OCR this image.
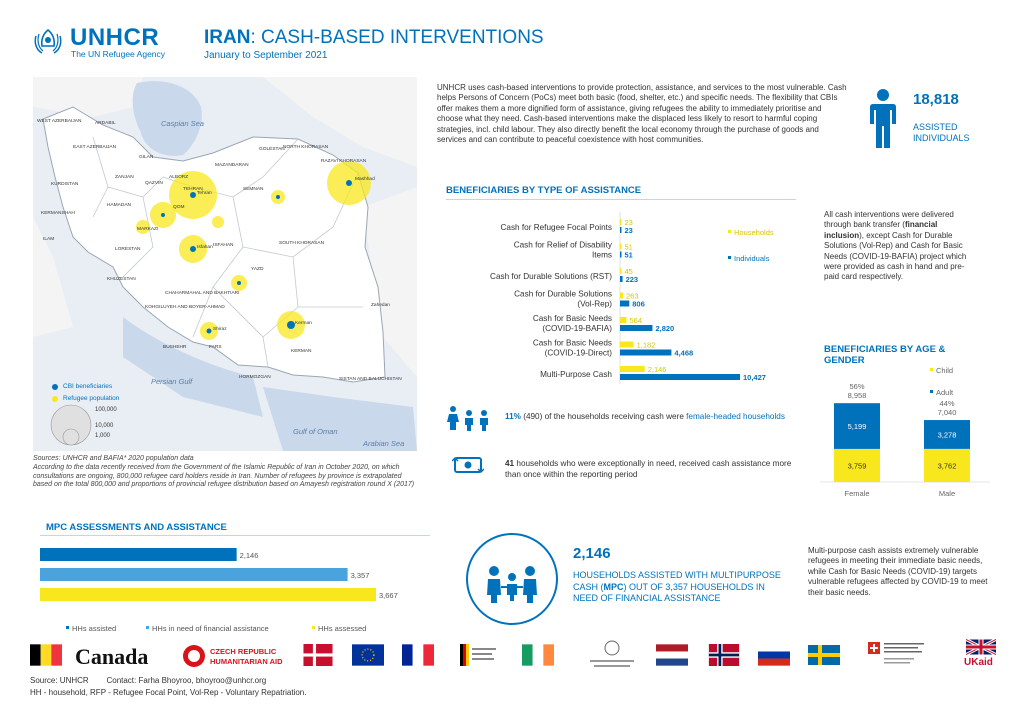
UNHCR
The UN Refugee Agency
IRAN: CASH-BASED INTERVENTIONS
January to September 2021
Caspian Sea
Persian Gulf
Gulf of Oman
Arabian Sea
WEST AZERBAIJAN	ARDABIL
EAST AZERBAIJAN
ZANJAN
KURDISTAN
GILAN
MAZANDARAN
GOLESTAN
NORTH KHORASAN
RAZAVI KHORASAN
QAZVIN
ALBORZ
TEHRAN
QOM
SEMNAN
KERMANSHAH
HAMADAN
MARKAZI
ISFAHAN
YAZD
SOUTH KHORASAN
ILAM
LORESTAN
KHUZESTAN
CHAHARMAHAL AND BAKHTIARI
KOHGILUYEH AND BOYER-AHMAD
FARS
BUSHEHR
KERMAN
HORMOZGAN	SISTAN AND BALUCHISTAN
Mashhad
Tehran
Isfahan
Shiraz
Kerman
Zahedan
CBI beneficiaries
Refugee population
100,000
10,000
1,000
Sources: UNHCR and BAFIA* 2020 population data
According to the data recently received from the Government of the Islamic Republic of Iran in October 2020, on which consultations are ongoing, 800,000 refugee card holders reside in Iran. Number of refugees by province is extrapolated based on the total 800,000 and proportions of provincial refugee distribution based on Amayesh registration round X (2017)
UNHCR uses cash-based interventions to provide protection, assistance, and services to the most vulnerable. Cash helps Persons of Concern (PoCs) meet both basic (food, shelter, etc.) and specific needs. The flexibility that CBIs offer makes them a more dignified form of assistance, giving refugees the ability to immediately prioritise and choose what they need. Cash-based interventions make the displaced less likely to resort to harmful coping strategies, incl. child labour. They also directly benefit the local economy through the purchase of goods and services and can contribute to peaceful coexistence with host communities.
18,818
ASSISTED
INDIVIDUALS
BENEFICIARIES BY TYPE OF ASSISTANCE
Cash for Refugee Focal Points
23
23
Cash for Relief of Disability
Items
51
51
Cash for Durable Solutions (RST)
45
223
Cash for Durable Solutions
(Vol-Rep)
263
806
Cash for Basic Needs
(COVID-19-BAFIA)
564
2,820
Cash for Basic Needs
(COVID-19-Direct)
1,182
4,468
Multi-Purpose Cash
2,146
10,427
Households
Individuals
All cash interventions were delivered through bank transfer (financial inclusion), except Cash for Durable Solutions (Vol-Rep) and Cash for Basic Needs (COVID-19-BAFIA) project which were provided as cash in hand and pre-paid card respectively.
BENEFICIARIES BY AGE & GENDER
Child
Adult
3,759
5,199
56%
8,958
Female
3,762
3,278
44%
7,040
Male
11% (490) of the households receiving cash were female-headed households
41 households who were exceptionally in need, received cash assistance more than once within the reporting period
MPC ASSESSMENTS AND ASSISTANCE
2,146
3,357
3,667
HHs assisted	HHs in need of financial assistance	HHs assessed
2,146
HOUSEHOLDS ASSISTED WITH MULTIPURPOSE CASH (MPC) OUT OF 3,357 HOUSEHOLDS IN NEED OF FINANCIAL ASSISTANCE
Multi-purpose cash assists extremely vulnerable refugees in meeting their immediate basic needs, while Cash for Basic Needs (COVID-19) targets vulnerable refugees affected by COVID-19 to meet their basic needs.
Canada	CZECH REPUBLIC
HUMANITARIAN AID	UKaid
Source: UNHCR        Contact: Farha Bhoyroo, bhoyroo@unhcr.org
HH - household, RFP - Refugee Focal Point, Vol-Rep - Voluntary Repatriation.
